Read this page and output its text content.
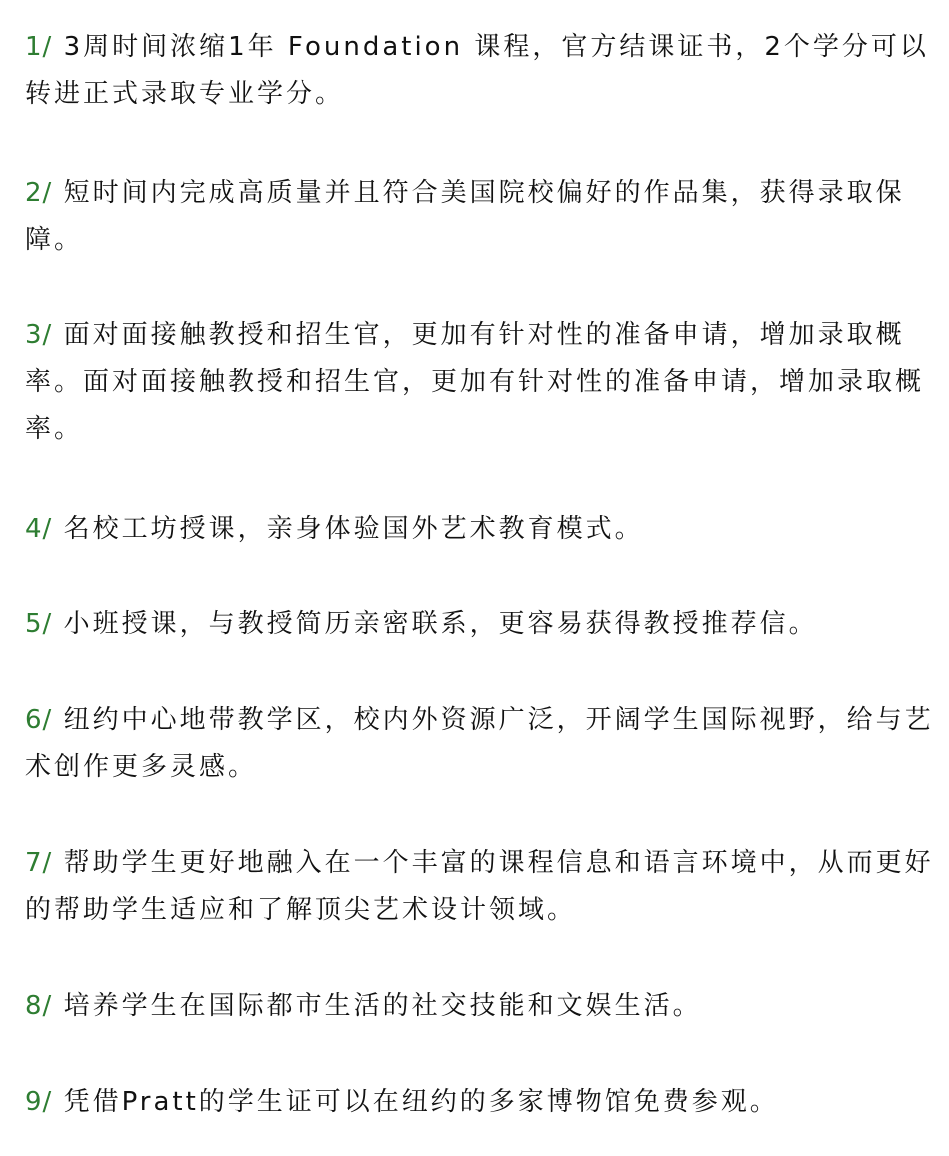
1/ 3周时间浓缩1年 Foundation 课程，官方结课证书，2个学分可以转进正式录取专业学分。

2/ 短时间内完成高质量并且符合美国院校偏好的作品集，获得录取保障。

3/ 面对面接触教授和招生官，更加有针对性的准备申请，增加录取概率。面对面接触教授和招生官，更加有针对性的准备申请，增加录取概率。

4/ 名校工坊授课，亲身体验国外艺术教育模式。

5/ 小班授课，与教授简历亲密联系，更容易获得教授推荐信。

6/ 纽约中心地带教学区，校内外资源广泛，开阔学生国际视野，给与艺术创作更多灵感。

7/ 帮助学生更好地融入在一个丰富的课程信息和语言环境中，从而更好的帮助学生适应和了解顶尖艺术设计领域。

8/ 培养学生在国际都市生活的社交技能和文娱生活。

9/ 凭借Pratt的学生证可以在纽约的多家博物馆免费参观。
